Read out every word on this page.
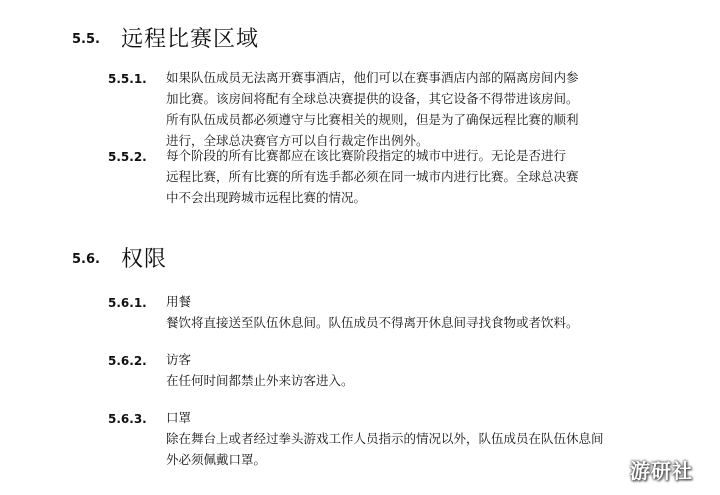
5.5. 远程比赛区域
5.5.1. 如果队伍成员无法离开赛事酒店，他们可以在赛事酒店内部的隔离房间内参
加比赛。该房间将配有全球总决赛提供的设备，其它设备不得带进该房间。
所有队伍成员都必须遵守与比赛相关的规则，但是为了确保远程比赛的顺利
进行，全球总决赛官方可以自行裁定作出例外。
5.5.2. 每个阶段的所有比赛都应在该比赛阶段指定的城市中进行。无论是否进行
远程比赛，所有比赛的所有选手都必须在同一城市内进行比赛。全球总决赛
中不会出现跨城市远程比赛的情况。
5.6. 权限
5.6.1. 用餐
餐饮将直接送至队伍休息间。队伍成员不得离开休息间寻找食物或者饮料。
5.6.2. 访客
在任何时间都禁止外来访客进入。
5.6.3. 口罩
除在舞台上或者经过拳头游戏工作人员指示的情况以外，队伍成员在队伍休息间
外必须佩戴口罩。	游研社
